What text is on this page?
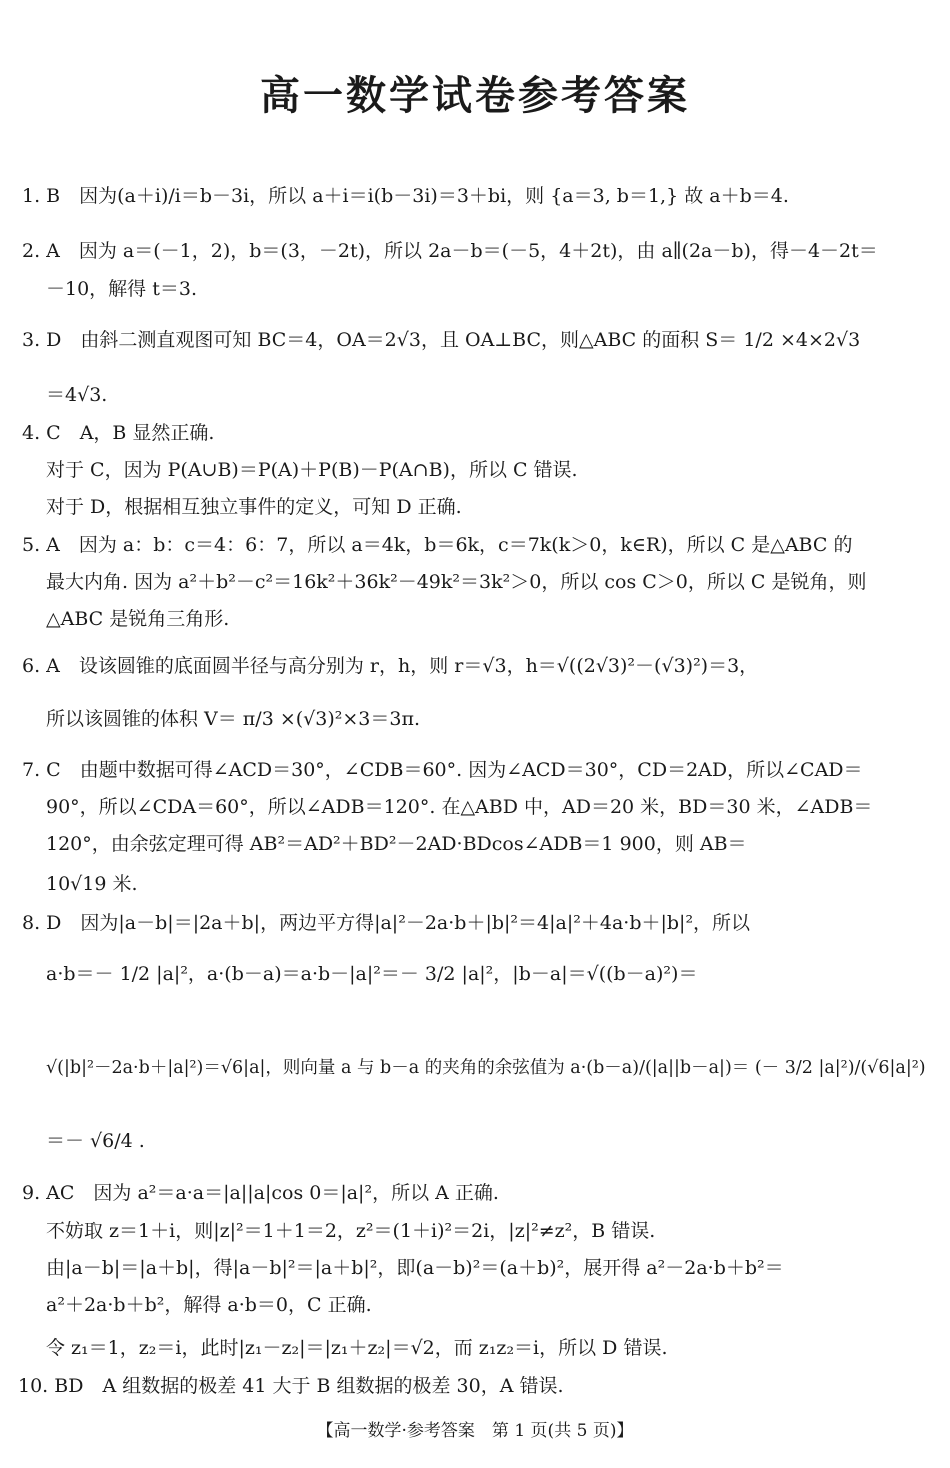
高一数学试卷参考答案
1. B　因为(a＋i)/i＝b－3i，所以 a＋i＝i(b－3i)＝3＋bi，则 {a＝3, b＝1,} 故 a＋b＝4.
2. A　因为 a＝(－1，2)，b＝(3，－2t)，所以 2a－b＝(－5，4＋2t)，由 a∥(2a－b)，得－4－2t＝
－10，解得 t＝3.
3. D　由斜二测直观图可知 BC＝4，OA＝2√3，且 OA⊥BC，则△ABC 的面积 S＝ 1/2 ×4×2√3
＝4√3.
4. C　A，B 显然正确.
对于 C，因为 P(A∪B)＝P(A)＋P(B)－P(A∩B)，所以 C 错误.
对于 D，根据相互独立事件的定义，可知 D 正确.
5. A　因为 a：b：c＝4：6：7，所以 a＝4k，b＝6k，c＝7k(k＞0，k∈R)，所以 C 是△ABC 的
最大内角. 因为 a²＋b²－c²＝16k²＋36k²－49k²＝3k²＞0，所以 cos C＞0，所以 C 是锐角，则
△ABC 是锐角三角形.
6. A　设该圆锥的底面圆半径与高分别为 r，h，则 r＝√3，h＝√((2√3)²－(√3)²)＝3，
所以该圆锥的体积 V＝ π/3 ×(√3)²×3＝3π.
7. C　由题中数据可得∠ACD＝30°，∠CDB＝60°. 因为∠ACD＝30°，CD＝2AD，所以∠CAD＝
90°，所以∠CDA＝60°，所以∠ADB＝120°. 在△ABD 中，AD＝20 米，BD＝30 米，∠ADB＝
120°，由余弦定理可得 AB²＝AD²＋BD²－2AD·BDcos∠ADB＝1 900，则 AB＝
10√19 米.
8. D　因为|a－b|＝|2a＋b|，两边平方得|a|²－2a·b＋|b|²＝4|a|²＋4a·b＋|b|²，所以
a·b＝－ 1/2 |a|²，a·(b－a)＝a·b－|a|²＝－ 3/2 |a|²，|b－a|＝√((b－a)²)＝
√(|b|²－2a·b＋|a|²)＝√6|a|，则向量 a 与 b－a 的夹角的余弦值为 a·(b－a)/(|a||b－a|)＝ (－ 3/2 |a|²)/(√6|a|²)
＝－ √6/4 .
9. AC　因为 a²＝a·a＝|a||a|cos 0＝|a|²，所以 A 正确.
不妨取 z＝1＋i，则|z|²＝1＋1＝2，z²＝(1＋i)²＝2i，|z|²≠z²，B 错误.
由|a－b|＝|a＋b|，得|a－b|²＝|a＋b|²，即(a－b)²＝(a＋b)²，展开得 a²－2a·b＋b²＝
a²＋2a·b＋b²，解得 a·b＝0，C 正确.
令 z₁＝1，z₂＝i，此时|z₁－z₂|＝|z₁＋z₂|＝√2，而 z₁z₂＝i，所以 D 错误.
10. BD　A 组数据的极差 41 大于 B 组数据的极差 30，A 错误.
【高一数学·参考答案　第 1 页(共 5 页)】
